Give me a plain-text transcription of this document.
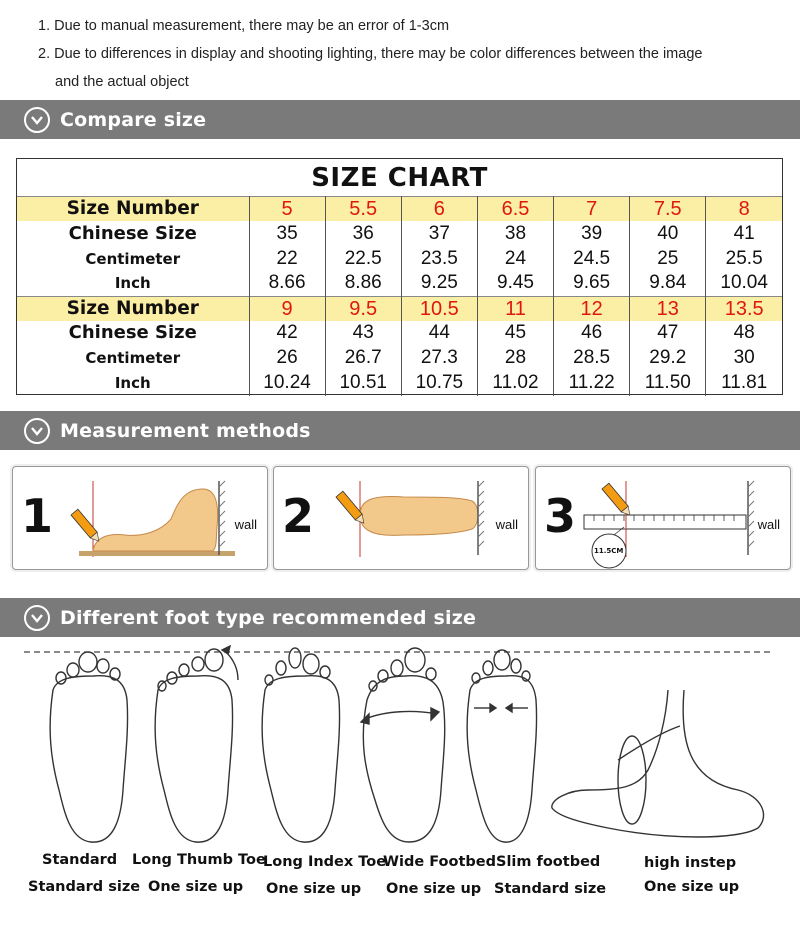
1. Due to manual measurement, there may be an error of 1-3cm
2. Due to differences in display and shooting lighting, there may be color differences between the image
and the actual object
Compare size
SIZE CHART
Size Number	5	5.5	6	6.5	7	7.5	8
Chinese Size	35	36	37	38	39	40	41
Centimeter	22	22.5	23.5	24	24.5	25	25.5
Inch	8.66	8.86	9.25	9.45	9.65	9.84	10.04
Size Number	9	9.5	10.5	11	12	13	13.5
Chinese Size	42	43	44	45	46	47	48
Centimeter	26	26.7	27.3	28	28.5	29.2	30
Inch	10.24	10.51	10.75	11.02	11.22	11.50	11.81
Measurement methods
1	wall 2	wall 3
11.5CM
wall
Different foot type recommended size
Standard
Standard size
Long Thumb Toe
One size up
Long Index Toe
One size up
Wide Footbed
One size up
Slim footbed
Standard size
high instep
One size up
